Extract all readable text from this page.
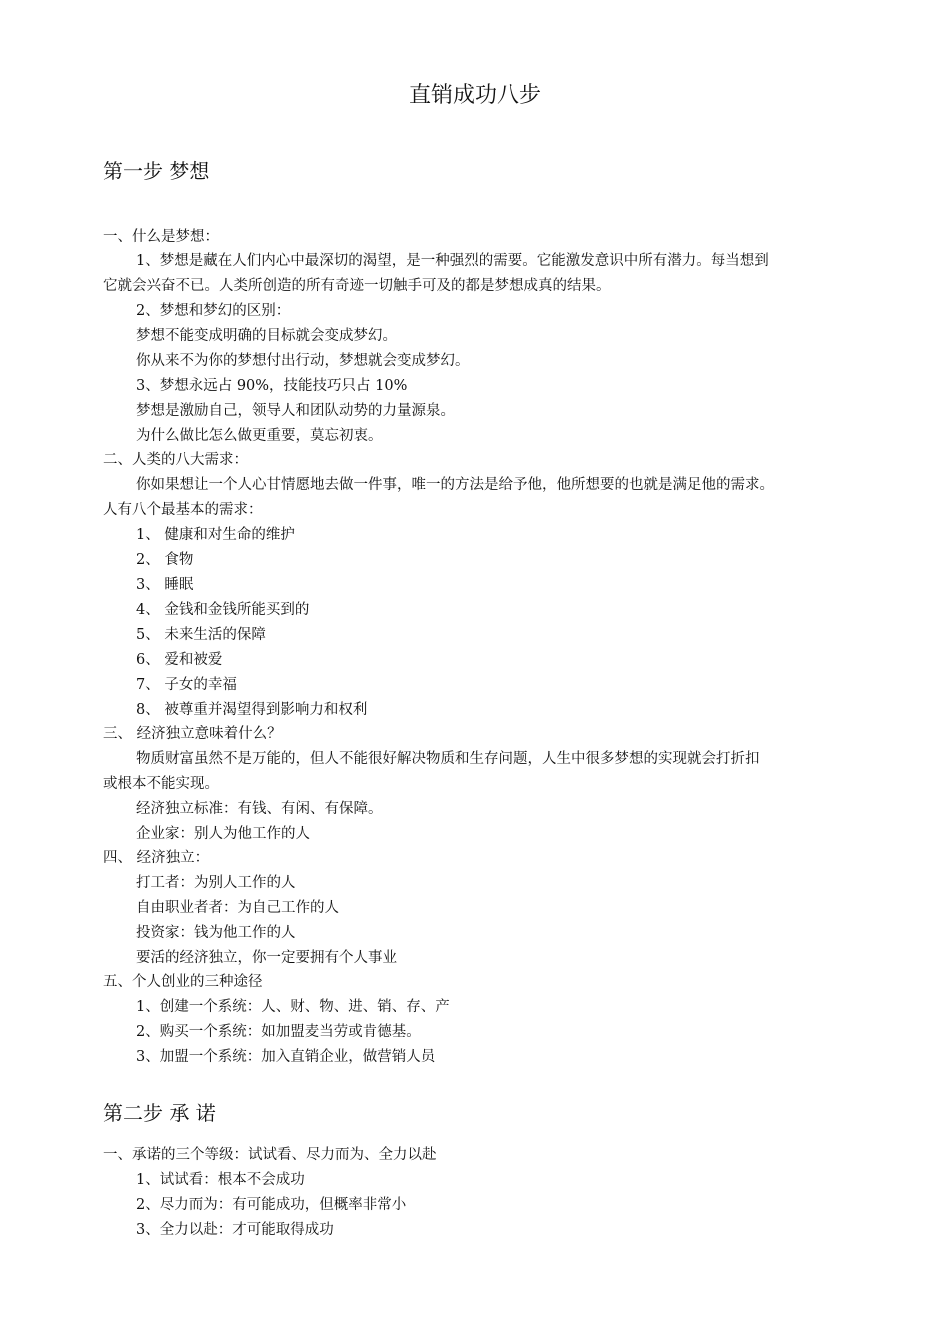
直销成功八步
第一步 梦想
一、什么是梦想：
1、梦想是藏在人们内心中最深切的渴望，是一种强烈的需要。它能激发意识中所有潜力。每当想到
它就会兴奋不已。人类所创造的所有奇迹一切触手可及的都是梦想成真的结果。
2、梦想和梦幻的区别：
梦想不能变成明确的目标就会变成梦幻。
你从来不为你的梦想付出行动，梦想就会变成梦幻。
3、梦想永远占 90%，技能技巧只占 10%
梦想是激励自己，领导人和团队动势的力量源泉。
为什么做比怎么做更重要，莫忘初衷。
二、人类的八大需求：
你如果想让一个人心甘情愿地去做一件事，唯一的方法是给予他，他所想要的也就是满足他的需求。
人有八个最基本的需求：
1、 健康和对生命的维护
2、 食物
3、 睡眠
4、 金钱和金钱所能买到的
5、 未来生活的保障
6、 爱和被爱
7、 子女的幸福
8、 被尊重并渴望得到影响力和权利
三、 经济独立意味着什么？
物质财富虽然不是万能的，但人不能很好解决物质和生存问题，人生中很多梦想的实现就会打折扣
或根本不能实现。
经济独立标准：有钱、有闲、有保障。
企业家：别人为他工作的人
四、 经济独立：
打工者：为别人工作的人
自由职业者者：为自己工作的人
投资家：钱为他工作的人
要活的经济独立，你一定要拥有个人事业
五、个人创业的三种途径
1、创建一个系统：人、财、物、进、销、存、产
2、购买一个系统：如加盟麦当劳或肯德基。
3、加盟一个系统：加入直销企业，做营销人员
第二步 承 诺
一、承诺的三个等级：试试看、尽力而为、全力以赴
1、试试看：根本不会成功
2、尽力而为：有可能成功，但概率非常小
3、全力以赴：才可能取得成功
